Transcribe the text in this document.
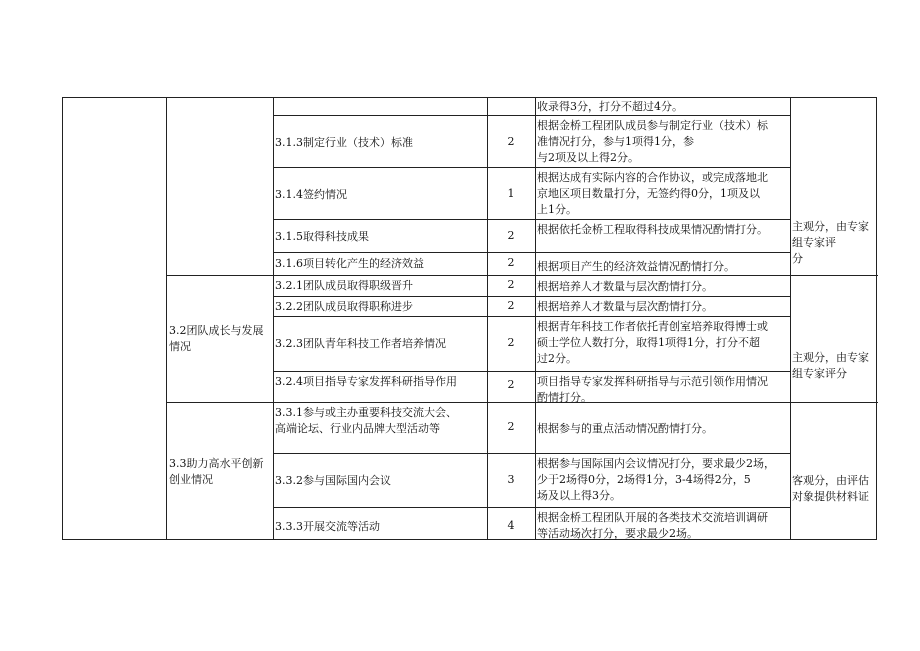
3.2团队成长与发展
情况
3.3助力高水平创新
创业情况
3.1.3制定行业（技术）标准
3.1.4签约情况
3.1.5取得科技成果
3.1.6项目转化产生的经济效益
3.2.1团队成员取得职级晋升
3.2.2团队成员取得职称进步
3.2.3团队青年科技工作者培养情况
3.2.4项目指导专家发挥科研指导作用
3.3.1参与或主办重要科技交流大会、
高端论坛、行业内品牌大型活动等
3.3.2参与国际国内会议
3.3.3开展交流等活动
2
1
2
2
2
2
2
2
2
3
4
收录得3分，打分不超过4分。
根据金桥工程团队成员参与制定行业（技术）标
准情况打分，参与1项得1分，参
与2项及以上得2分。
根据达成有实际内容的合作协议，或完成落地北
京地区项目数量打分，无签约得0分，1项及以
上1分。
根据依托金桥工程取得科技成果情况酌情打分。
根据项目产生的经济效益情况酌情打分。
根据培养人才数量与层次酌情打分。
根据培养人才数量与层次酌情打分。
根据青年科技工作者依托青创室培养取得博士或
硕士学位人数打分，取得1项得1分，打分不超
过2分。
项目指导专家发挥科研指导与示范引领作用情况
酌情打分。
根据参与的重点活动情况酌情打分。
根据参与国际国内会议情况打分，要求最少2场，
少于2场得0分，2场得1分，3-4场得2分，5
场及以上得3分。
根据金桥工程团队开展的各类技术交流培训调研
等活动场次打分，要求最少2场。
主观分，由专家
组专家评
分
主观分，由专家
组专家评分
客观分，由评估
对象提供材料证
